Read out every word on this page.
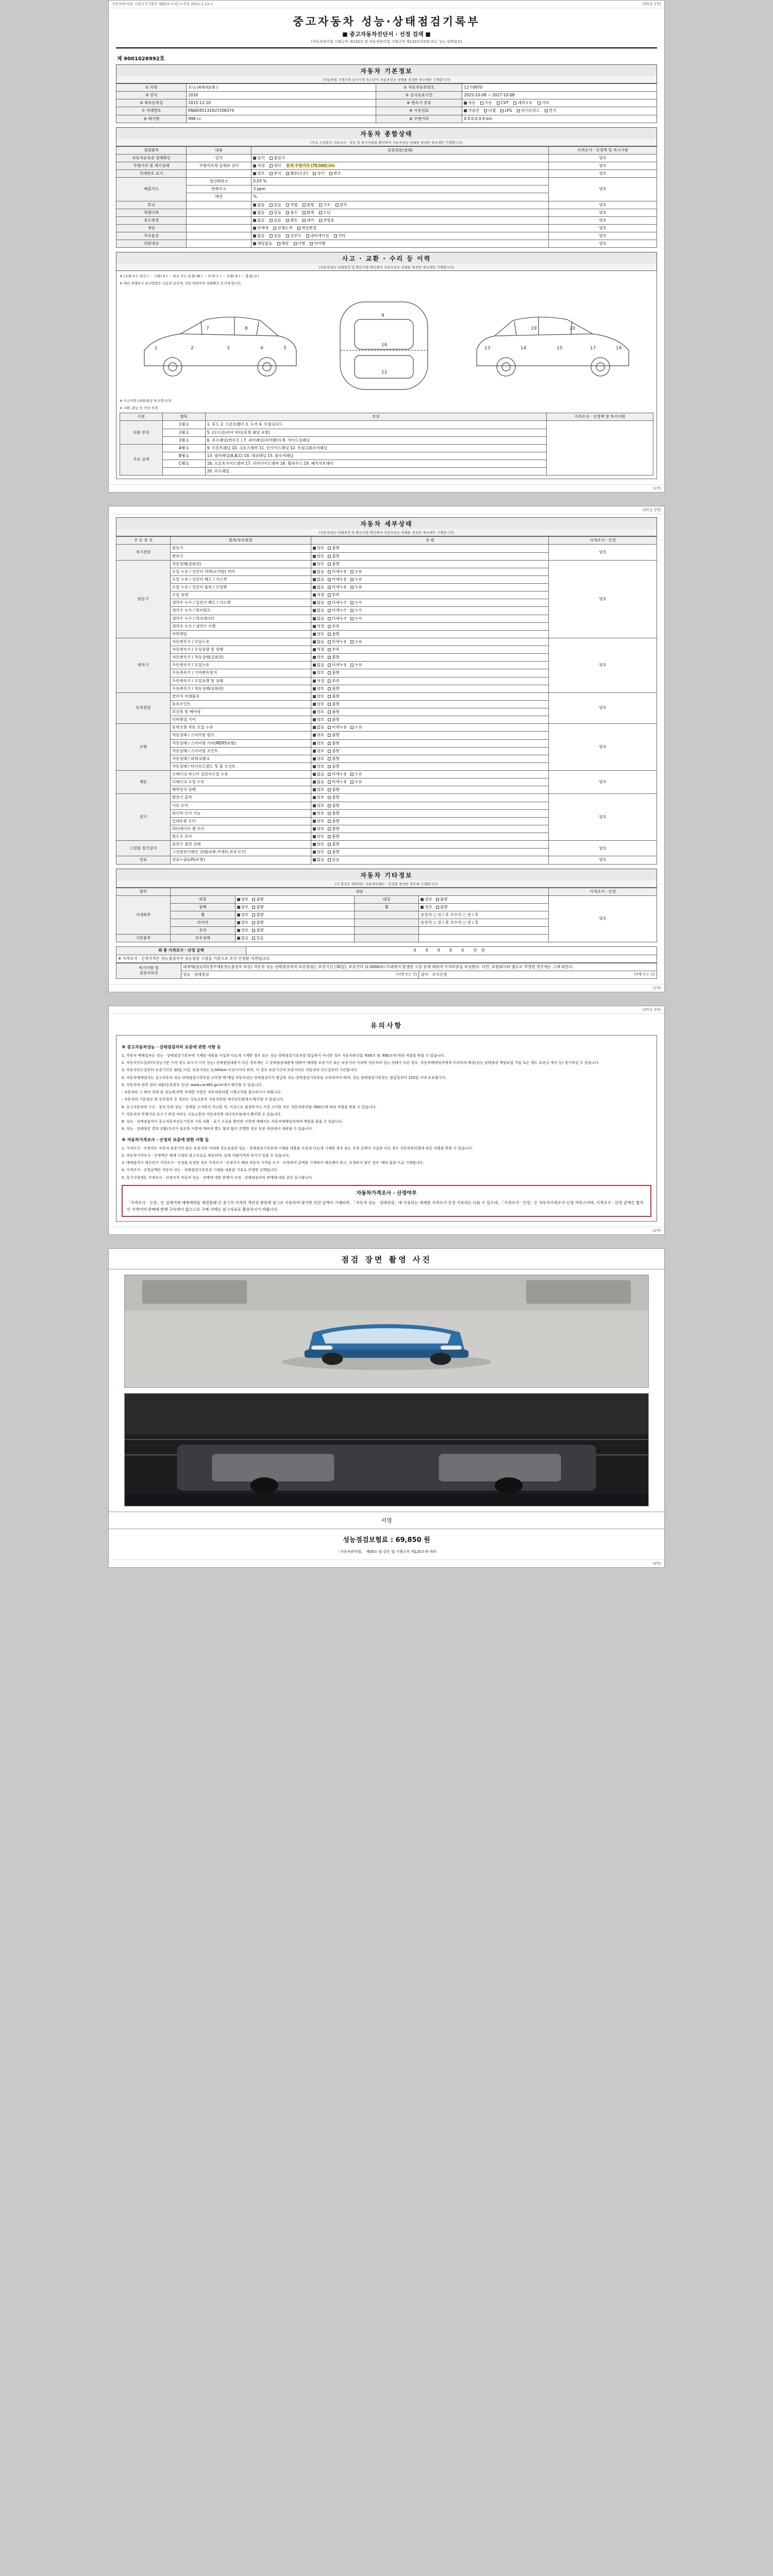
자동차관리법 시행규칙 [별지 제82호서식] <개정 2021.1.13.>	(3쪽중 1쪽)
중고자동차 성능·상태점검기록부
■ 중고자동차진단서 · 선정 검색 ■
(자동차관리법 시행규칙 제120조 및 자동차관리법 시행규칙 제120조의2에 따른 성능·상태점검)
제 9001028992호
자동차 기본정보
(자동차법 기재가격 특가시장 특수단어 자동차성능·상태를 점검한 경우에만 기재합니다)
① 차명	모닝 (4세대)(렌 )	② 자동차등록번호	12기0970
③ 연식	2016	④ 검사유효기간	2025-10-08 ~ 2027-10-08
⑤ 최초등록일	2015-12-10	⑥ 변속기 종류	자동 수동 CVT 세미오토 기타
⑦ 차대번호	KNAD451310U7206374	⑧ 사용연료	가솔린 디젤 LPG 하이브리드 전기
⑨ 배기량	998 cc	⑩ 주행거리	0 0 0 0 0 0 km
자동차 종합상태
(주요 구성품의 기록조사 · 성능 및 평가사항을 확인하여 자동차성능·상태를 점검한 경우에만 기재합니다)
점검항목	내용	점검내용(상태)	가격조사 · 산정액 및 특기사항
자동차등록증 상태확인	일치	일치 불일치	양호
주행거리 및 계기상태	주행거리계 실제와 상이	적정 과다 현재 주행거리 (78,040) km	양호
차대번호 표기		양호 부식 훼손(오손) 상이 변조	양호
배출가스	일산화탄소	0.03 %	양호
	탄화수소	3 ppm	
	매연	%	
튜닝		없음 있음 적법 불법 구조 장치	양호
특별이력		없음 있음 침수 화재 도난	양호
용도변경		없음 있음 렌트 대여 영업용	양호
색상		무채색 전체도색 색상변경	양호
주요옵션		없음 있음 선루프 내비게이션 기타	양호
리콜대상		해당없음 해당 이행 미이행	양호
사고 · 교환 · 수리 등 이력
(자동차성능·상태점검 및 확인사항 확인하여 자동차성능·상태를 점검한 경우에만 기재합니다)
※ (교체 또는 판금 ) ··· 교환( X ) ··· 판금 또는 용접( W ) ··· 부식( C ) ··· 요철( A ) ··· 흠집( U )
※ 하단 상태표시 표시방법은 다음과 같으며, 자동 외판부위 상태확인 표시에 합니다
1	2	3	4	5
7	8
9
16
12
13	14	15	17	18
19	20
※ 사고이력 (외판/판금 표시합니다)
※ 교환, 판금 등 이상 부위
구분	항목	부위	가격조사 · 산정액 및 특기사항
외판 부위	1랭크	1. 후드 2. 프론트휀더 3. 도어 4. 트렁크리드	
	2랭크	5. (오디션)리어 바디(후방 패널 포함)	
	3랭크	6. 루프패널(썬루프 ) 7. 쿼터패널(리어휀더) 8. 사이드실패널	
주요 골격	A랭크	9. 프론트패널 10. 크로스멤버 11. 인사이드패널 12. 트렁크플로어패널	
	B랭크	13. 필러패널(A,B,C) 14. 대쉬패널 15. 플로어패널	
	C랭크	16. 프론트사이드멤버 17. 리어사이드멤버 18. 휠하우스 19. 패키지트레이	
		20. 루프레일	
(1쪽)
(3쪽중 2쪽)
자동차 세부상태
(자동차성능·상태점검 및 확인사항 확인하여 자동차성능·상태를 점검한 경우에만 기재합니다)
주 요 장 치	항목/부속명칭	상 태	가격조사 · 산정
자기진단	원동기	양호 불량	양호
	변속기	양호 불량	
원동기	작동상태(공회전)	양호 불량	양호
	오일 누유 / 실린더 커버(로커암) 커버	없음 미세누유 누유	
	오일 누유 / 실린더 헤드 / 가스켓	없음 미세누유 누유	
	오일 누유 / 실린더 블록 / 오일팬	없음 미세누유 누유	
	오일 유량	적정 부족	
	냉각수 누수 / 실린더 헤드 / 가스켓	없음 미세누수 누수	
	냉각수 누수 / 워터펌프	없음 미세누수 누수	
	냉각수 누수 / 라디에이터	없음 미세누수 누수	
	냉각수 누수 / 냉각수 수량	적정 부족	
	커먼레일	양호 불량	
변속기	자동변속기 / 오일누유	없음 미세누유 누유	양호
	자동변속기 / 오일유량 및 상태	적정 부족	
	자동변속기 / 작동상태(공회전)	양호 불량	
	수동변속기 / 오일누유	없음 미세누유 누유	
	수동변속기 / 기어변속장치	양호 불량	
	수동변속기 / 오일유량 및 상태	적정 부족	
	수동변속기 / 작동상태(공회전)	양호 불량	
동력전달	클러치 어셈블리	양호 불량	양호
	등속조인트	양호 불량	
	추진축 및 베어링	양호 불량	
	디퍼렌셜 기어	양호 불량	
조향	동력조향 작동 오일 누유	없음 미세누유 누유	양호
	작동상태 / 스티어링 펌프	양호 불량	
	작동상태 / 스티어링 기어(MDPS포함)	양호 불량	
	작동상태 / 스티어링 조인트	양호 불량	
	작동상태 / 파워크랭크	양호 불량	
	작동상태 / 타이로드엔드 및 볼 조인트	양호 불량	
제동	브레이크 마스터 실린더오일 누유	없음 미세누유 누유	양호
	브레이크 오일 누유	없음 미세누유 누유	
	배력장치 상태	양호 불량	
전기	발전기 출력	양호 불량	양호
	시동 모터	양호 불량	
	와이퍼 모터 기능	양호 불량	
	실내송풍 모터	양호 불량	
	라디에이터 팬 모터	양호 불량	
	윈도우 모터	양호 불량	
고전원 전기장치	충전구 절연 상태	양호 불량	양호
	고전원전기배선 상태(피복,커넥터,보호기구)	양호 불량	
연료	연료누출(LPG포함)	없음 있음	양호
자동차 기타정보
(각 항목은 해당하는 자동차만해도 · 선정을 참여한 경우에 기재합니다)
항목	내용				가격조사 · 산정
사내외부	외장	양호 불량	내장	양호 불량	양호
	광택	양호 불량	휠	양호 불량	
	휠	양호 불량		운전석 ○ 전 / 후 조수석 ○ 전 / 후	
	타이어	양호 불량		운전석 ○ 전 / 후 조수석 ○ 전 / 후	
	유리	양호 불량			
기본품목	보유상태	없음 있음			
최 종 가격조사 · 산정 금액	0 0 0 0 0 만원
※ 가격조사 · 산정가격은 성능점검자가 성능점검 시점을 기준으로 조사·산정한 가격입니다.
특기사항 및
점검자의견	내세애(法)(의)(경우에)(성능점검자 보증) 자동차 성능·상태점검자의 보증범위는 보증기간 (30일), 보증거리 (2,000km) 이내에서 발생한 고장 등에 대하여 수리비용을 보상한다. 다만, 보험회사와 별도로 약정한 경우에는 그에 따른다.	
	성능 · 상태점검 (서명 또는 인)	검사 · 조사산정 (서명 또는 인)
(2쪽)
(3쪽중 3쪽)
유의사항
※ 중고자동차성능 · 상태점검자의 보증에 관한 사항 등
1. 자동차 매매업자는 성능 · 상태점검기록부에 기재된 내용을 사실과 다르게 기재한 경우 또는 성능·상태점검기록부를 발급하지 아니한 경우 자동차관리법 제58조 및 제80조에 따라 처벌을 받을 수 있습니다.
2. 자동차인도일부터(성능기준 가격 정수 표시기 이전 성능) 상태점검내용이 다른 경우에는 그 상태점검내용에 대하여 매매업 보증기간 또는 보증거리 이내에 자동차의 성능·상태가 다른 경우, 자동차매매업자에게 수리비의 배상(성능·상태점검 책임보험 가입 또는 별도 보증금 예치 등) 청구하실 수 있습니다.
3. 자동차인도일부터 보증기간은 30일 이상, 보증거리는 2,000km 이상이어야 하며, 이 경우 보증기간과 보증거리는 자동차의 인도일부터 기산합니다.
4. 자동차매매업자는 중고자동차 성능·상태점검기록부를 교부할 때 매입 자동차성능·상태점검자가 발급한 성능·상태점검기록부를 교부하여야 하며, 성능·상태점검기록부는 발급일부터 120일 이내 유효합니다.
5. 자동차의 관련 권리 내용(등록원부 등)은 www.car365.go.kr에서 확인할 수 있습니다.
- 자동차의 그 밖의 상태 및 성능에 관한 자세한 사항은 자동차관리법 시행규칙을 참조하시기 바랍니다.
- 자동차의 기본정보 및 등록원부 등 정보는 국토교통부 자동차민원 대국민포털에서 확인할 수 있습니다.
6. 중고자동차의 구조 · 장치 등의 성능 · 상태를 고지하지 아니한 자, 거짓으로 점검하거나 거짓 고지한 자는 자동차관리법 제80조에 따라 처벌을 받을 수 있습니다.
7. 자동차의 주행거리 표시기 변경 여부는 국토교통부 자동차민원 대국민포털에서 확인할 수 있습니다.
8. 성능 · 상태점검자가 중고자동차성능기록부 기록 내용 · 표기 오류를 확인한 사항에 대해서는 자동차매매업자에게 책임을 물을 수 있습니다.
9. 성능 · 상태점검 결과 교환/수리가 필요한 사항에 대하여 별도 협의 없이 진행한 경우 보증 대상에서 제외될 수 있습니다.
※ 자동차가격조사 · 산정의 보증에 관한 사항 등
1. 가격조사 · 산정자는 자동차 보증기간 또는 보증거리 이내에 성능점검의 성능 · 상태점검기록부에 기재된 내용을 사실과 다르게 기재한 경우 또는 산정 금액이 사실과 다른 경우 자동차관리법에 따른 처벌을 받을 수 있습니다.
2. 자동차가격조사 · 산정액은 매매 시점의 참고자료로 제공되며, 실제 거래가격과 차이가 있을 수 있습니다.
3. 매매업자가 매수인이 가격조사 · 산정을 요청한 경우 가격조사 · 산정자가 해당 자동차 가격을 조사 · 산정하여 금액을 기재하여 제공해야 하고, 요청하지 않은 경우 '해당 없음'으로 기재합니다.
4. 가격조사 · 산정금액은 자동차 성능 · 상태점검기록부상 기재된 내용을 기초로 산정한 금액입니다.
5. 특기사항에는 가격조사 · 산정자가 자동차 성능 · 상태에 대한 판매가 산정 · 상태점검자의 판매에 대를 같은 표시합니다.
자동차가격조사 · 산정여부
「가격조사 · 산정」은 실제거래 매매계약을 체결할때 인 중고차 가격의 객관성 판단에 참고로 사용하여 평가한 의견 금액이 기재되며, 「자동차 성능 · 상태점검」에 사용되는 세세한 가격조사·산정 기록과는 다를 수 있으며, 「가격조사 · 산정」은 자동차가격조사·산정 서비스이며, 가격조사 · 산정 금액은 법적인 가격이며 판매에 한해 구속력이 없으므로 구매 시에는 참고자료로 활용하시기 바랍니다.
(3쪽)
점검 장면 촬영 사진
서명
성능점검보험료 : 69,850 원
「자동차관리법」 제58조 및 같은 법 시행규칙 제120조에 따라
(4쪽)
